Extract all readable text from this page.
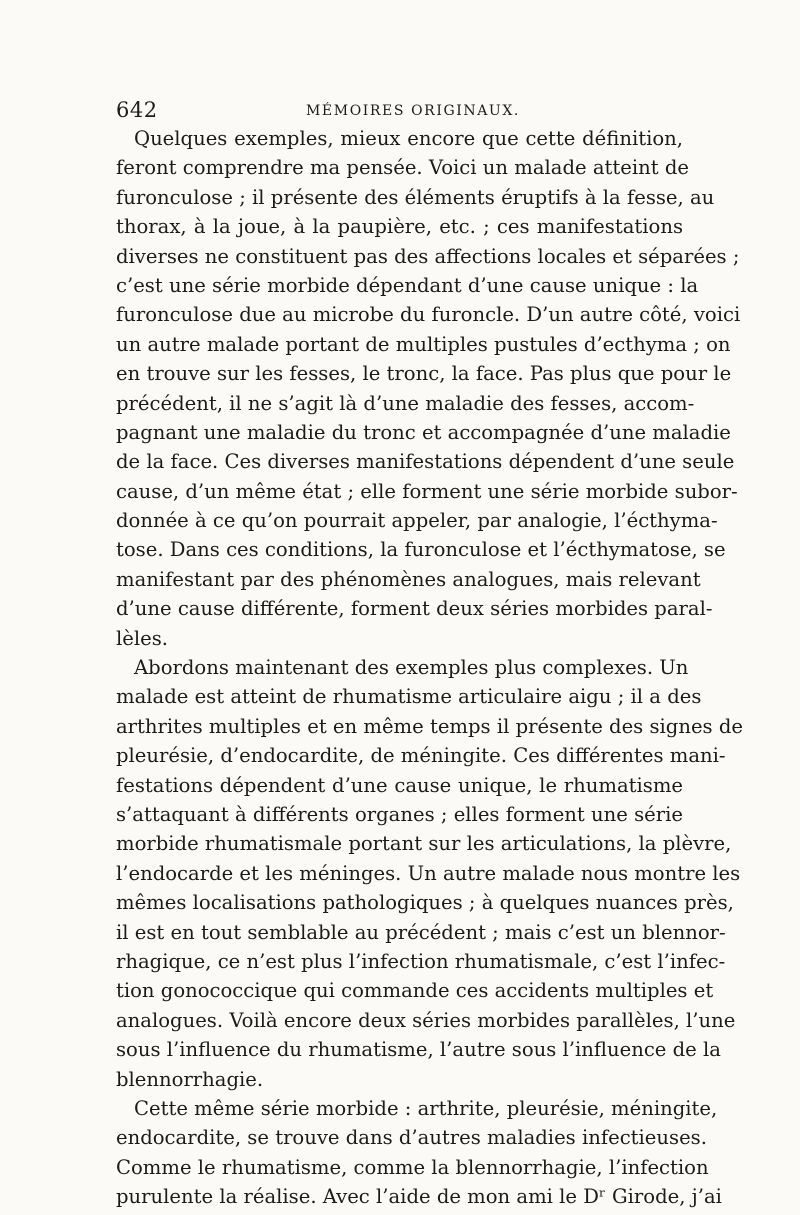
642	MÉMOIRES ORIGINAUX.
Quelques exemples, mieux encore que cette définition,
feront comprendre ma pensée. Voici un malade atteint de
furonculose ; il présente des éléments éruptifs à la fesse, au
thorax, à la joue, à la paupière, etc. ; ces manifestations
diverses ne constituent pas des affections locales et séparées ;
c’est une série morbide dépendant d’une cause unique : la
furonculose due au microbe du furoncle. D’un autre côté, voici
un autre malade portant de multiples pustules d’ecthyma ; on
en trouve sur les fesses, le tronc, la face. Pas plus que pour le
précédent, il ne s’agit là d’une maladie des fesses, accom-
pagnant une maladie du tronc et accompagnée d’une maladie
de la face. Ces diverses manifestations dépendent d’une seule
cause, d’un même état ; elle forment une série morbide subor-
donnée à ce qu’on pourrait appeler, par analogie, l’écthyma-
tose. Dans ces conditions, la furonculose et l’écthymatose, se
manifestant par des phénomènes analogues, mais relevant
d’une cause différente, forment deux séries morbides paral-
lèles.
Abordons maintenant des exemples plus complexes. Un
malade est atteint de rhumatisme articulaire aigu ; il a des
arthrites multiples et en même temps il présente des signes de
pleurésie, d’endocardite, de méningite. Ces différentes mani-
festations dépendent d’une cause unique, le rhumatisme
s’attaquant à différents organes ; elles forment une série
morbide rhumatismale portant sur les articulations, la plèvre,
l’endocarde et les méninges. Un autre malade nous montre les
mêmes localisations pathologiques ; à quelques nuances près,
il est en tout semblable au précédent ; mais c’est un blennor-
rhagique, ce n’est plus l’infection rhumatismale, c’est l’infec-
tion gonococcique qui commande ces accidents multiples et
analogues. Voilà encore deux séries morbides parallèles, l’une
sous l’influence du rhumatisme, l’autre sous l’influence de la
blennorrhagie.
Cette même série morbide : arthrite, pleurésie, méningite,
endocardite, se trouve dans d’autres maladies infectieuses.
Comme le rhumatisme, comme la blennorrhagie, l’infection
purulente la réalise. Avec l’aide de mon ami le Dʳ Girode, j’ai
